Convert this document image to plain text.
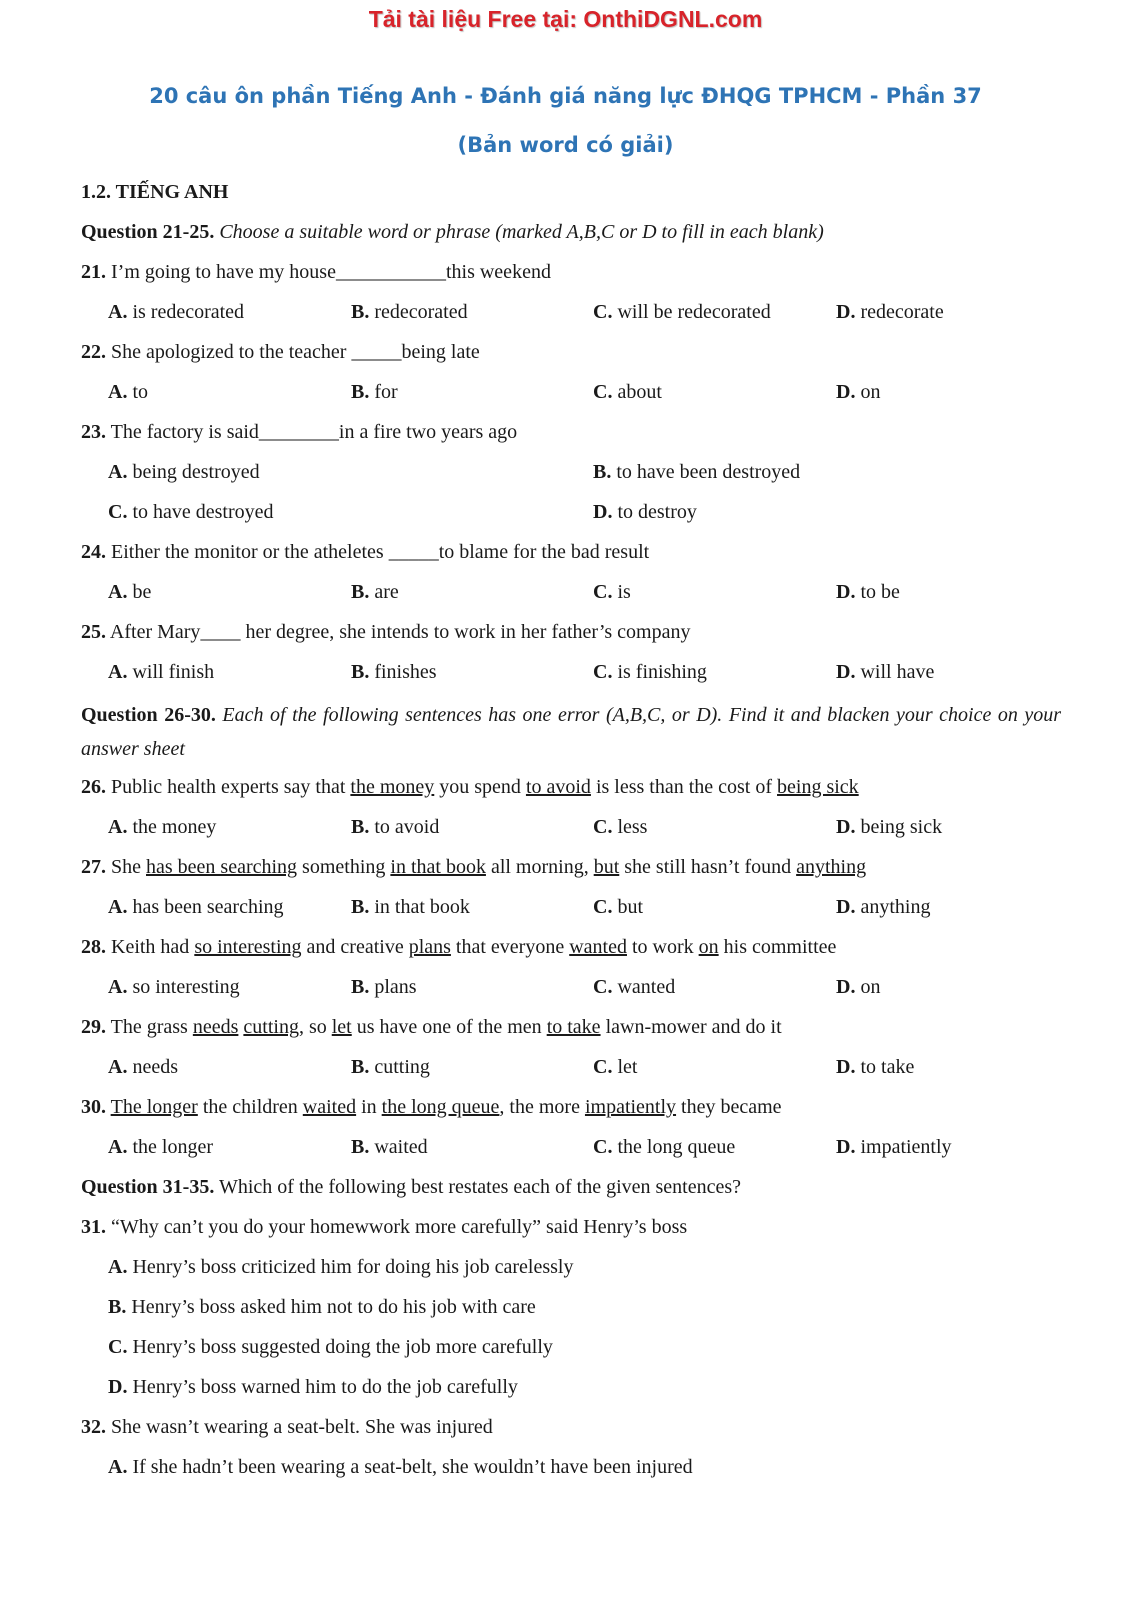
Tải tài liệu Free tại: OnthiDGNL.com
20 câu ôn phần Tiếng Anh - Đánh giá năng lực ĐHQG TPHCM - Phần 37
(Bản word có giải)
1.2. TIẾNG ANH
Question 21-25. Choose a suitable word or phrase (marked A,B,C or D to fill in each blank)
21. I’m going to have my house___________this weekend
A. is redecorated	B. redecorated	C. will be redecorated	D. redecorate
22. She apologized to the teacher _____being late
A. to	B. for	C. about	D. on
23. The factory is said________in a fire two years ago
A. being destroyed	B. to have been destroyed
C. to have destroyed	D. to destroy
24. Either the monitor or the atheletes _____to blame for the bad result
A. be	B. are	C. is	D. to be
25. After Mary____ her degree, she intends to work in her father’s company
A. will finish	B. finishes	C. is finishing	D. will have
Question 26-30. Each of the following sentences has one error (A,B,C, or D). Find it and blacken your choice on your answer sheet
26. Public health experts say that the money you spend to avoid is less than the cost of being sick
A. the money	B. to avoid	C. less	D. being sick
27. She has been searching something in that book all morning, but she still hasn’t found anything
A. has been searching	B. in that book	C. but	D. anything
28. Keith had so interesting and creative plans that everyone wanted to work on his committee
A. so interesting	B. plans	C. wanted	D. on
29. The grass needs cutting, so let us have one of the men to take lawn-mower and do it
A. needs	B. cutting	C. let	D. to take
30. The longer the children waited in the long queue, the more impatiently they became
A. the longer	B. waited	C. the long queue	D. impatiently
Question 31-35. Which of the following best restates each of the given sentences?
31. “Why can’t you do your homewwork more carefully” said Henry’s boss
A. Henry’s boss criticized him for doing his job carelessly
B. Henry’s boss asked him not to do his job with care
C. Henry’s boss suggested doing the job more carefully
D. Henry’s boss warned him to do the job carefully
32. She wasn’t wearing a seat-belt. She was injured
A. If she hadn’t been wearing a seat-belt, she wouldn’t have been injured
